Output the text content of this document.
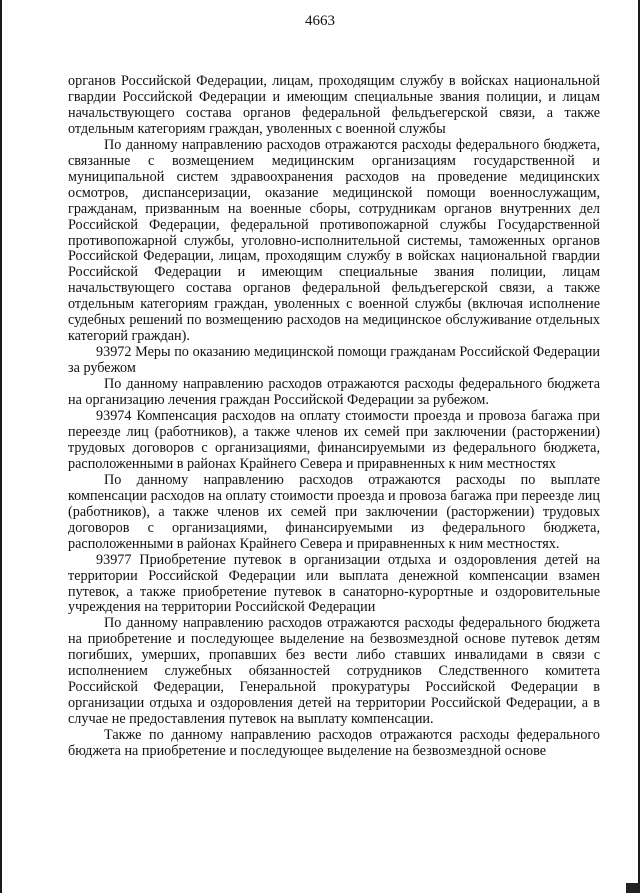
4663

органов Российской Федерации, лицам, проходящим службу в войсках национальной гвардии Российской Федерации и имеющим специальные звания полиции, и лицам начальствующего состава органов федеральной фельдъегерской связи, а также отдельным категориям граждан, уволенных с военной службы

По данному направлению расходов отражаются расходы федерального бюджета, связанные с возмещением медицинским организациям государственной и муниципальной систем здравоохранения расходов на проведение медицинских осмотров, диспансеризации, оказание медицинской помощи военнослужащим, гражданам, призванным на военные сборы, сотрудникам органов внутренних дел Российской Федерации, федеральной противопожарной службы Государственной противопожарной службы, уголовно-исполнительной системы, таможенных органов Российской Федерации, лицам, проходящим службу в войсках национальной гвардии Российской Федерации и имеющим специальные звания полиции, лицам начальствующего состава органов федеральной фельдъегерской связи, а также отдельным категориям граждан, уволенных с военной службы (включая исполнение судебных решений по возмещению расходов на медицинское обслуживание отдельных категорий граждан).

93972 Меры по оказанию медицинской помощи гражданам Российской Федерации за рубежом

По данному направлению расходов отражаются расходы федерального бюджета на организацию лечения граждан Российской Федерации за рубежом.

93974 Компенсация расходов на оплату стоимости проезда и провоза багажа при переезде лиц (работников), а также членов их семей при заключении (расторжении) трудовых договоров с организациями, финансируемыми из федерального бюджета, расположенными в районах Крайнего Севера и приравненных к ним местностях

По данному направлению расходов отражаются расходы по выплате компенсации расходов на оплату стоимости проезда и провоза багажа при переезде лиц (работников), а также членов их семей при заключении (расторжении) трудовых договоров с организациями, финансируемыми из федерального бюджета, расположенными в районах Крайнего Севера и приравненных к ним местностях.

93977 Приобретение путевок в организации отдыха и оздоровления детей на территории Российской Федерации или выплата денежной компенсации взамен путевок, а также приобретение путевок в санаторно-курортные и оздоровительные учреждения на территории Российской Федерации

По данному направлению расходов отражаются расходы федерального бюджета на приобретение и последующее выделение на безвозмездной основе путевок детям погибших, умерших, пропавших без вести либо ставших инвалидами в связи с исполнением служебных обязанностей сотрудников Следственного комитета Российской Федерации, Генеральной прокуратуры Российской Федерации в организации отдыха и оздоровления детей на территории Российской Федерации, а в случае не предоставления путевок на выплату компенсации.

Также по данному направлению расходов отражаются расходы федерального бюджета на приобретение и последующее выделение на безвозмездной основе
